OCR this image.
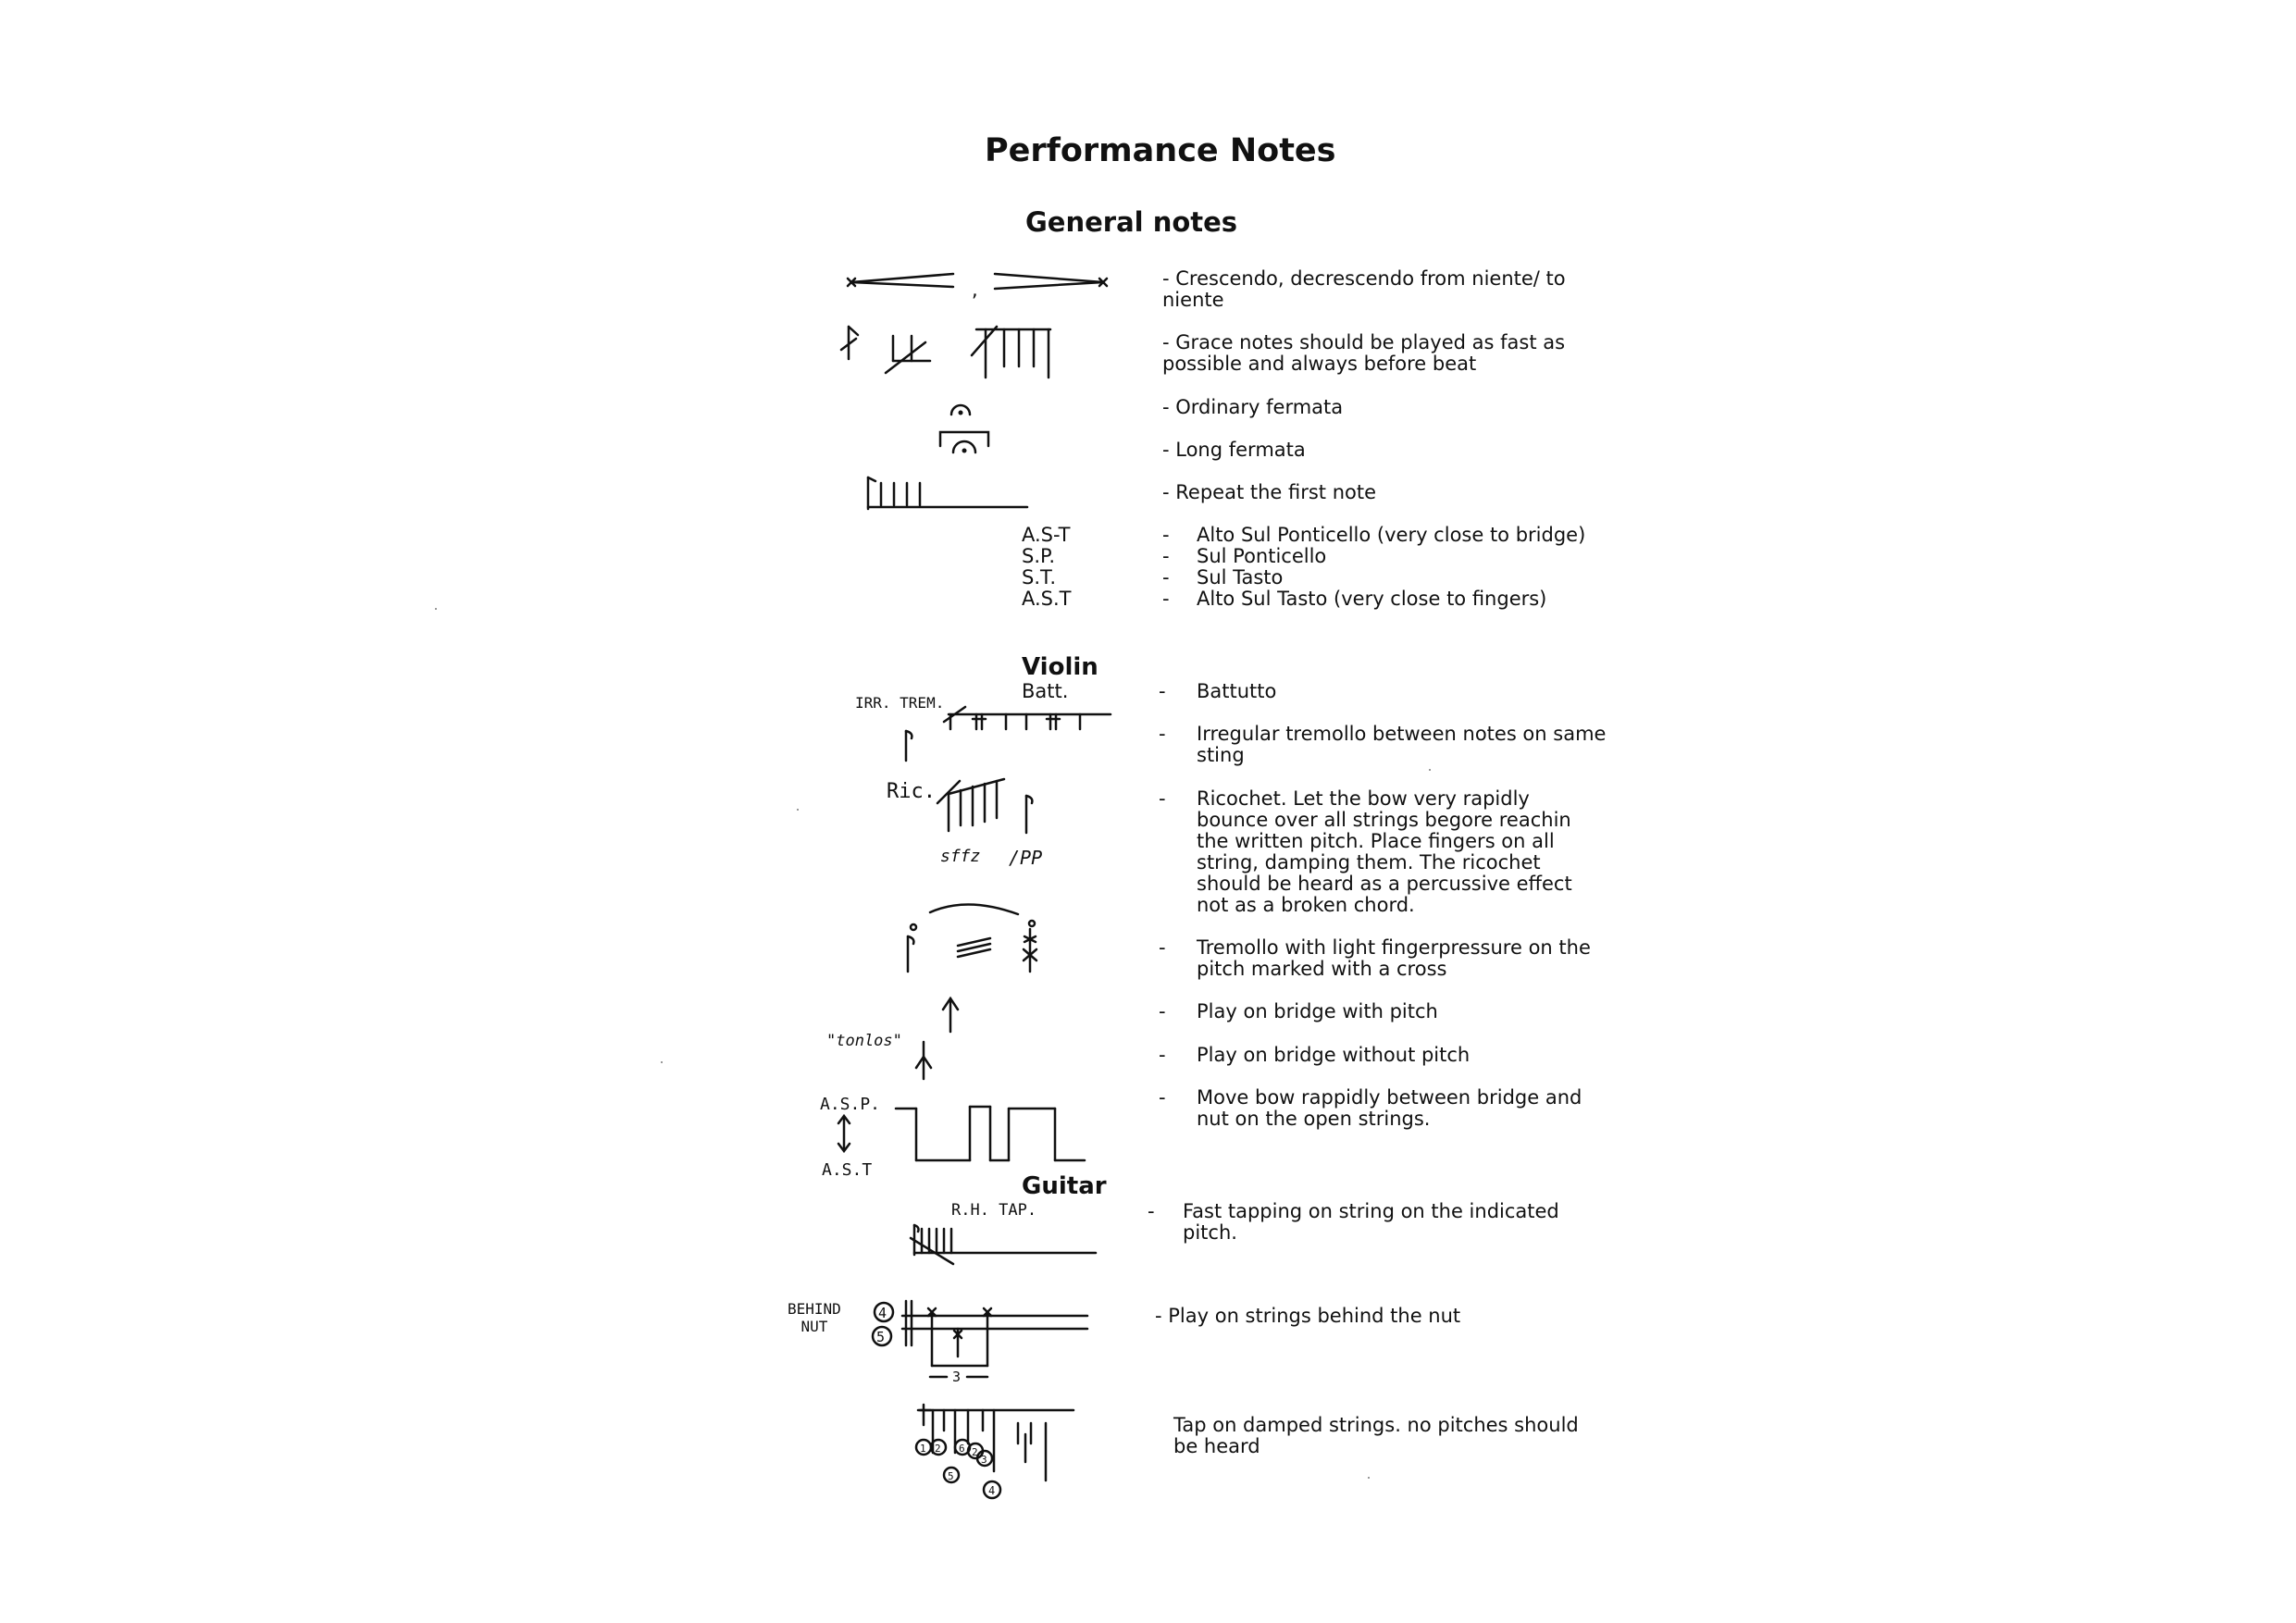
Performance Notes
General notes
,
- Crescendo, decrescendo from niente/ to
niente
- Grace notes should be played as fast as
possible and always before beat
- Ordinary fermata
- Long fermata
- Repeat the first note
A.S-T
S.P.
S.T.
A.S.T
-
-
-
-
Alto Sul Ponticello (very close to bridge)
Sul Ponticello
Sul Tasto
Alto Sul Tasto (very close to fingers)
Violin
Batt.
IRR. TREM.
- Battutto
- Irregular tremollo between notes on same
sting
Ric.
sffz /PP
- Ricochet. Let the bow very rapidly
bounce over all strings begore reachin
the written pitch. Place fingers on all
string, damping them. The ricochet
should be heard as a percussive effect
not as a broken chord.
- Tremollo with light fingerpressure on the
pitch marked with a cross
- Play on bridge with pitch
"tonlos"
- Play on bridge without pitch
A.S.P.
A.S.T
- Move bow rappidly between bridge and
nut on the open strings.
Guitar
R.H. TAP.	- Fast tapping on string on the indicated
pitch.
BEHIND
NUT
4
5
3
- Play on strings behind the nut
1 2 6 2
3
5
4
Tap on damped strings. no pitches should
be heard
